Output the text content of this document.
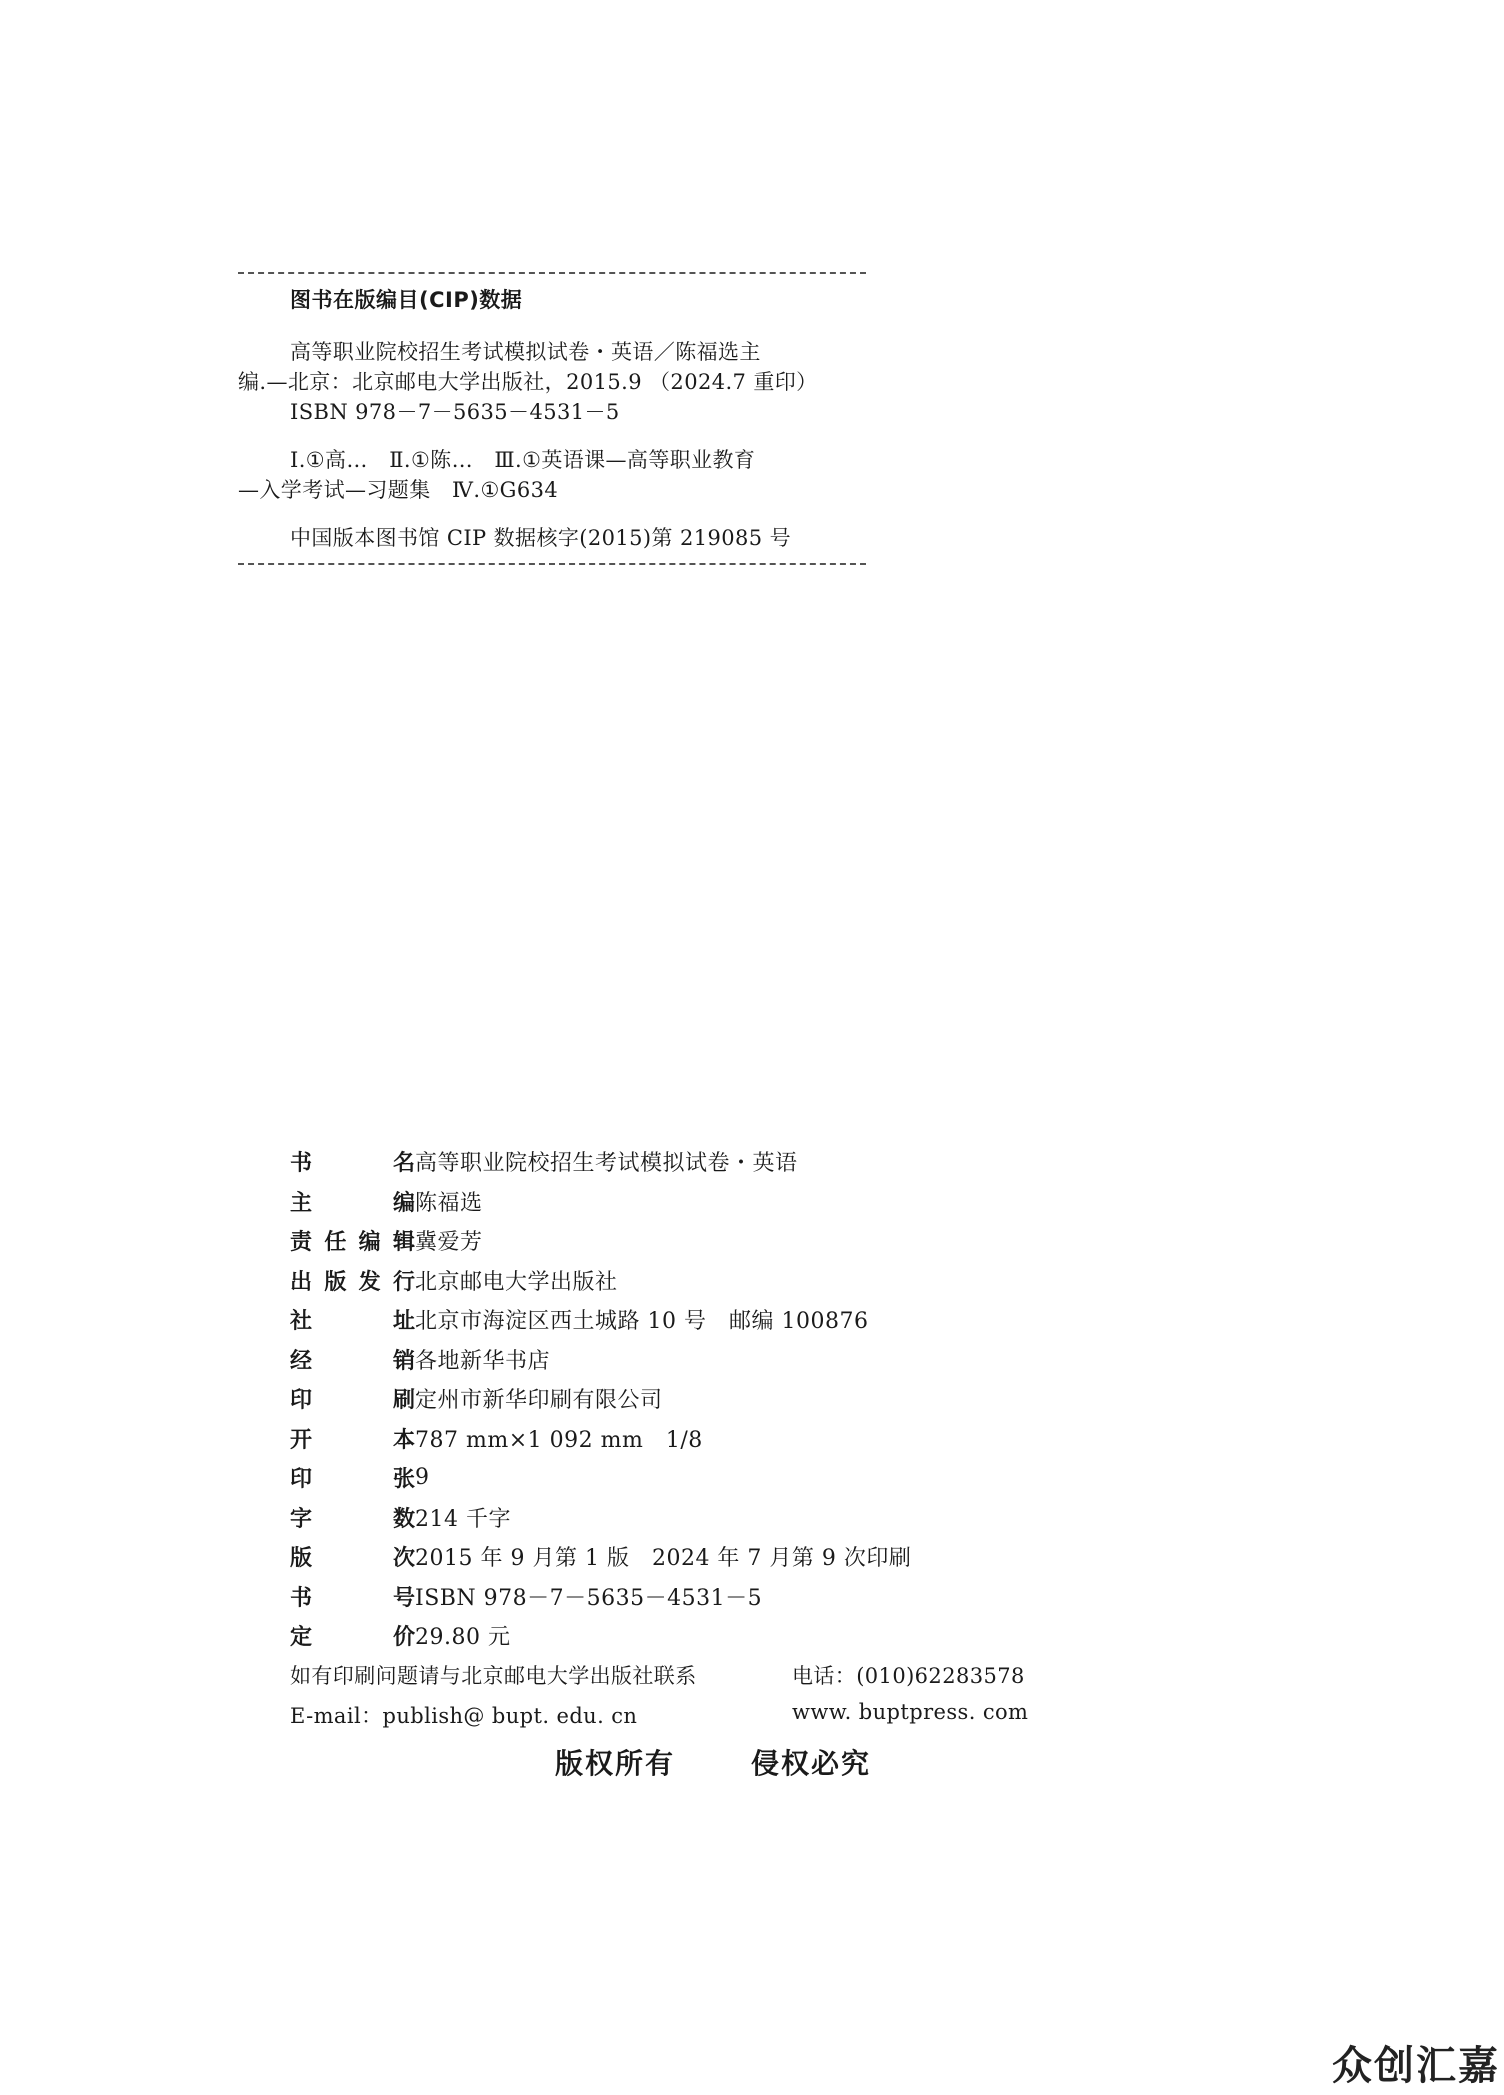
图书在版编目(CIP)数据
高等职业院校招生考试模拟试卷・英语／陈福选主
编.—北京：北京邮电大学出版社，2015.9 （2024.7 重印）
ISBN 978－7－5635－4531－5
Ⅰ.①高…　Ⅱ.①陈…　Ⅲ.①英语课—高等职业教育
—入学考试—习题集　Ⅳ.①G634
中国版本图书馆 CIP 数据核字(2015)第 219085 号
书	名 高等职业院校招生考试模拟试卷・英语
主	编 陈福选
责 任 编 辑 冀爱芳
出 版 发 行 北京邮电大学出版社
社	址 北京市海淀区西土城路 10 号　邮编 100876
经	销 各地新华书店
印	刷 定州市新华印刷有限公司
开	本 787 mm×1 092 mm　1/8
印	张 9
字	数 214 千字
版	次 2015 年 9 月第 1 版　2024 年 7 月第 9 次印刷
书	号 ISBN 978－7－5635－4531－5
定	价 29.80 元
如有印刷问题请与北京邮电大学出版社联系	电话：(010)62283578
E-mail：publish@ bupt. edu. cn	www. buptpress. com
版权所有	侵权必究
众创汇嘉
